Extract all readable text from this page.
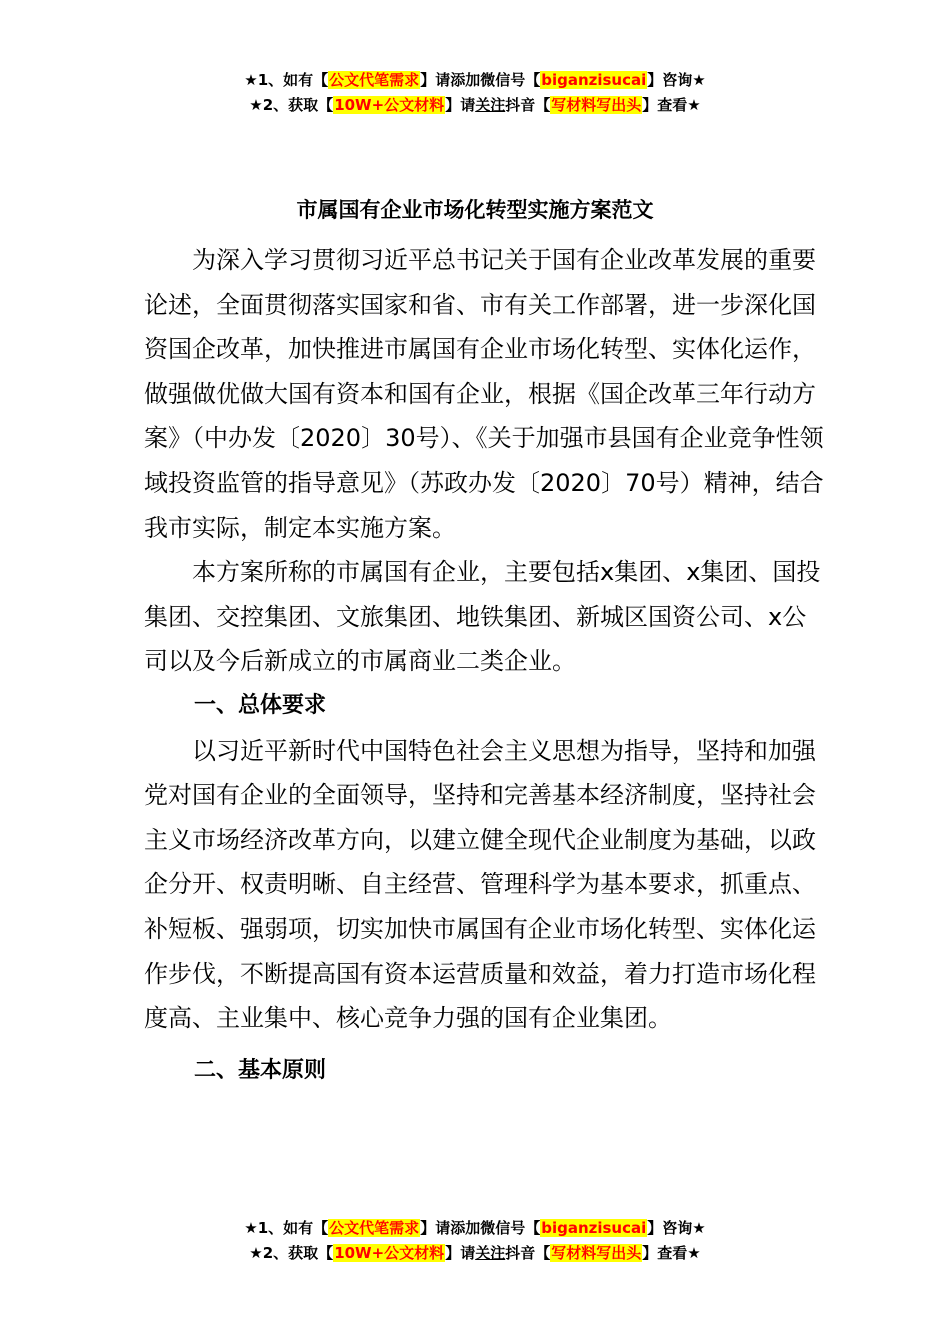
★1、如有【公文代笔需求】请添加微信号【biganzisucai】咨询★
★2、获取【10W+公文材料】请关注抖音【写材料写出头】查看★
市属国有企业市场化转型实施方案范文

为深入学习贯彻习近平总书记关于国有企业改革发展的重要论述，全面贯彻落实国家和省、市有关工作部署，进一步深化国资国企改革，加快推进市属国有企业市场化转型、实体化运作，做强做优做大国有资本和国有企业，根据《国企改革三年行动方案》（中办发〔2020〕30号）、《关于加强市县国有企业竞争性领域投资监管的指导意见》（苏政办发〔2020〕70号）精神，结合我市实际，制定本实施方案。

本方案所称的市属国有企业，主要包括x集团、x集团、国投集团、交控集团、文旅集团、地铁集团、新城区国资公司、x公司以及今后新成立的市属商业二类企业。

一、总体要求

以习近平新时代中国特色社会主义思想为指导，坚持和加强党对国有企业的全面领导，坚持和完善基本经济制度，坚持社会主义市场经济改革方向，以建立健全现代企业制度为基础，以政企分开、权责明晰、自主经营、管理科学为基本要求，抓重点、补短板、强弱项，切实加快市属国有企业市场化转型、实体化运作步伐，不断提高国有资本运营质量和效益，着力打造市场化程度高、主业集中、核心竞争力强的国有企业集团。

二、基本原则

★1、如有【公文代笔需求】请添加微信号【biganzisucai】咨询★
★2、获取【10W+公文材料】请关注抖音【写材料写出头】查看★
